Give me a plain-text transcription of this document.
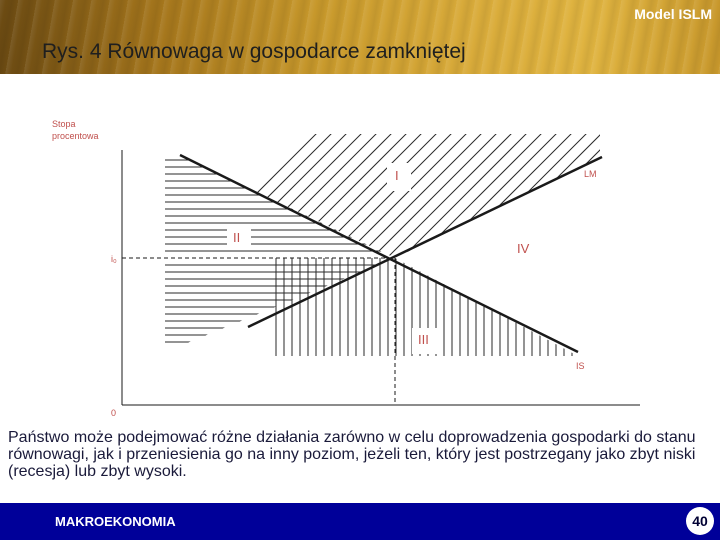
Model ISLM
Rys. 4 Równowaga w gospodarce zamkniętej
Stopa
procentowa
i₀
0
LM
IS
I
II
III
IV
Państwo może podejmować różne działania zarówno w celu doprowadzenia gospodarki do stanu równowagi, jak i przeniesienia go na inny poziom, jeżeli ten, który jest postrzegany jako zbyt niski (recesja) lub zbyt wysoki.
MAKROEKONOMIA	40
